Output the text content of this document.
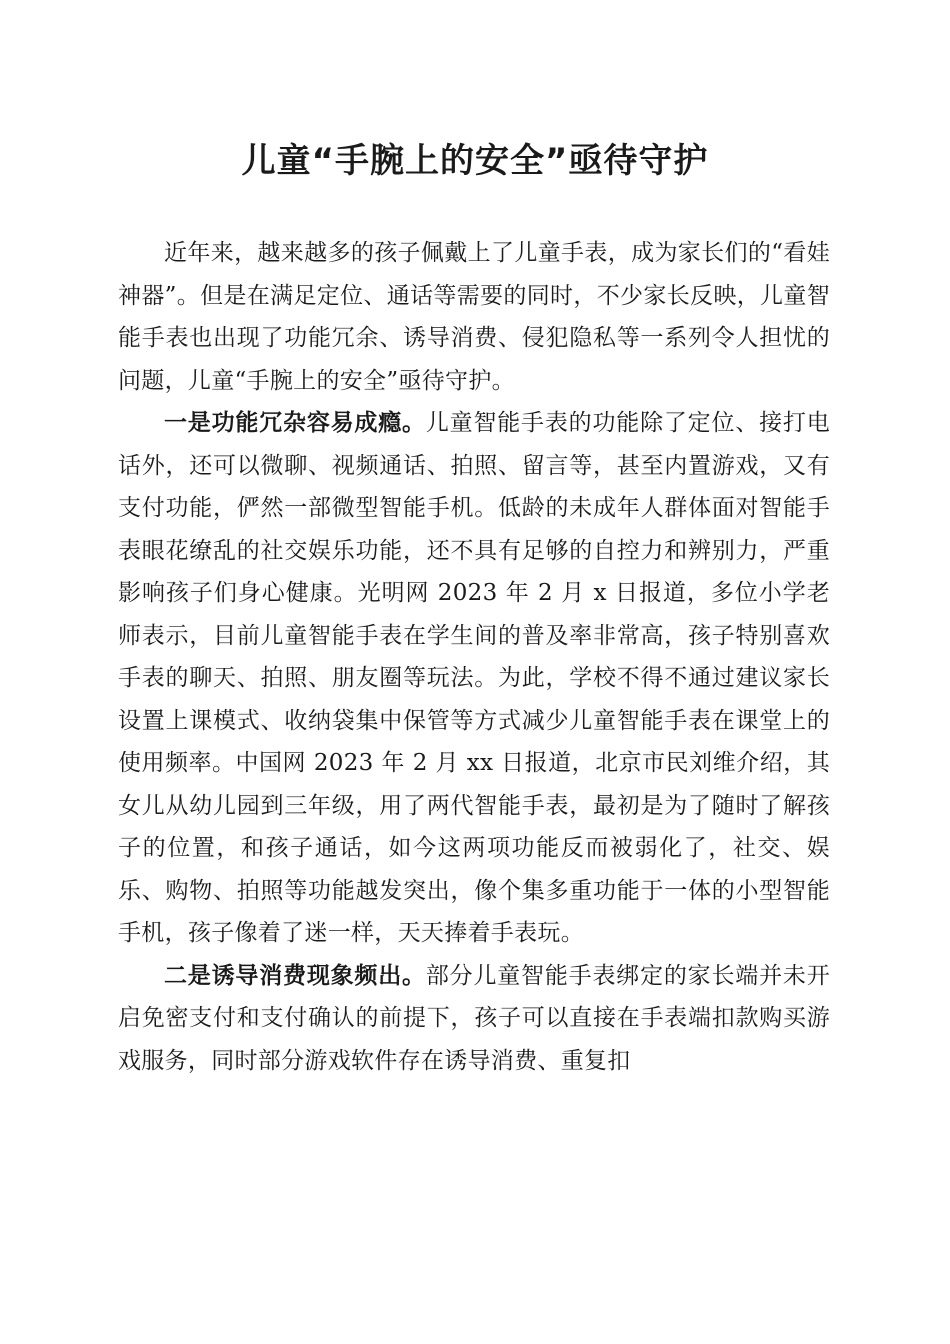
儿童“手腕上的安全”亟待守护

近年来，越来越多的孩子佩戴上了儿童手表，成为家长们的“看娃神器”。但是在满足定位、通话等需要的同时，不少家长反映，儿童智能手表也出现了功能冗余、诱导消费、侵犯隐私等一系列令人担忧的问题，儿童“手腕上的安全”亟待守护。

一是功能冗杂容易成瘾。儿童智能手表的功能除了定位、接打电话外，还可以微聊、视频通话、拍照、留言等，甚至内置游戏，又有支付功能，俨然一部微型智能手机。低龄的未成年人群体面对智能手表眼花缭乱的社交娱乐功能，还不具有足够的自控力和辨别力，严重影响孩子们身心健康。光明网 2023 年 2 月 x 日报道，多位小学老师表示，目前儿童智能手表在学生间的普及率非常高，孩子特别喜欢手表的聊天、拍照、朋友圈等玩法。为此，学校不得不通过建议家长设置上课模式、收纳袋集中保管等方式减少儿童智能手表在课堂上的使用频率。中国网 2023 年 2 月 xx 日报道，北京市民刘维介绍，其女儿从幼儿园到三年级，用了两代智能手表，最初是为了随时了解孩子的位置，和孩子通话，如今这两项功能反而被弱化了，社交、娱乐、购物、拍照等功能越发突出，像个集多重功能于一体的小型智能手机，孩子像着了迷一样，天天捧着手表玩。

二是诱导消费现象频出。部分儿童智能手表绑定的家长端并未开启免密支付和支付确认的前提下，孩子可以直接在手表端扣款购买游戏服务，同时部分游戏软件存在诱导消费、重复扣
